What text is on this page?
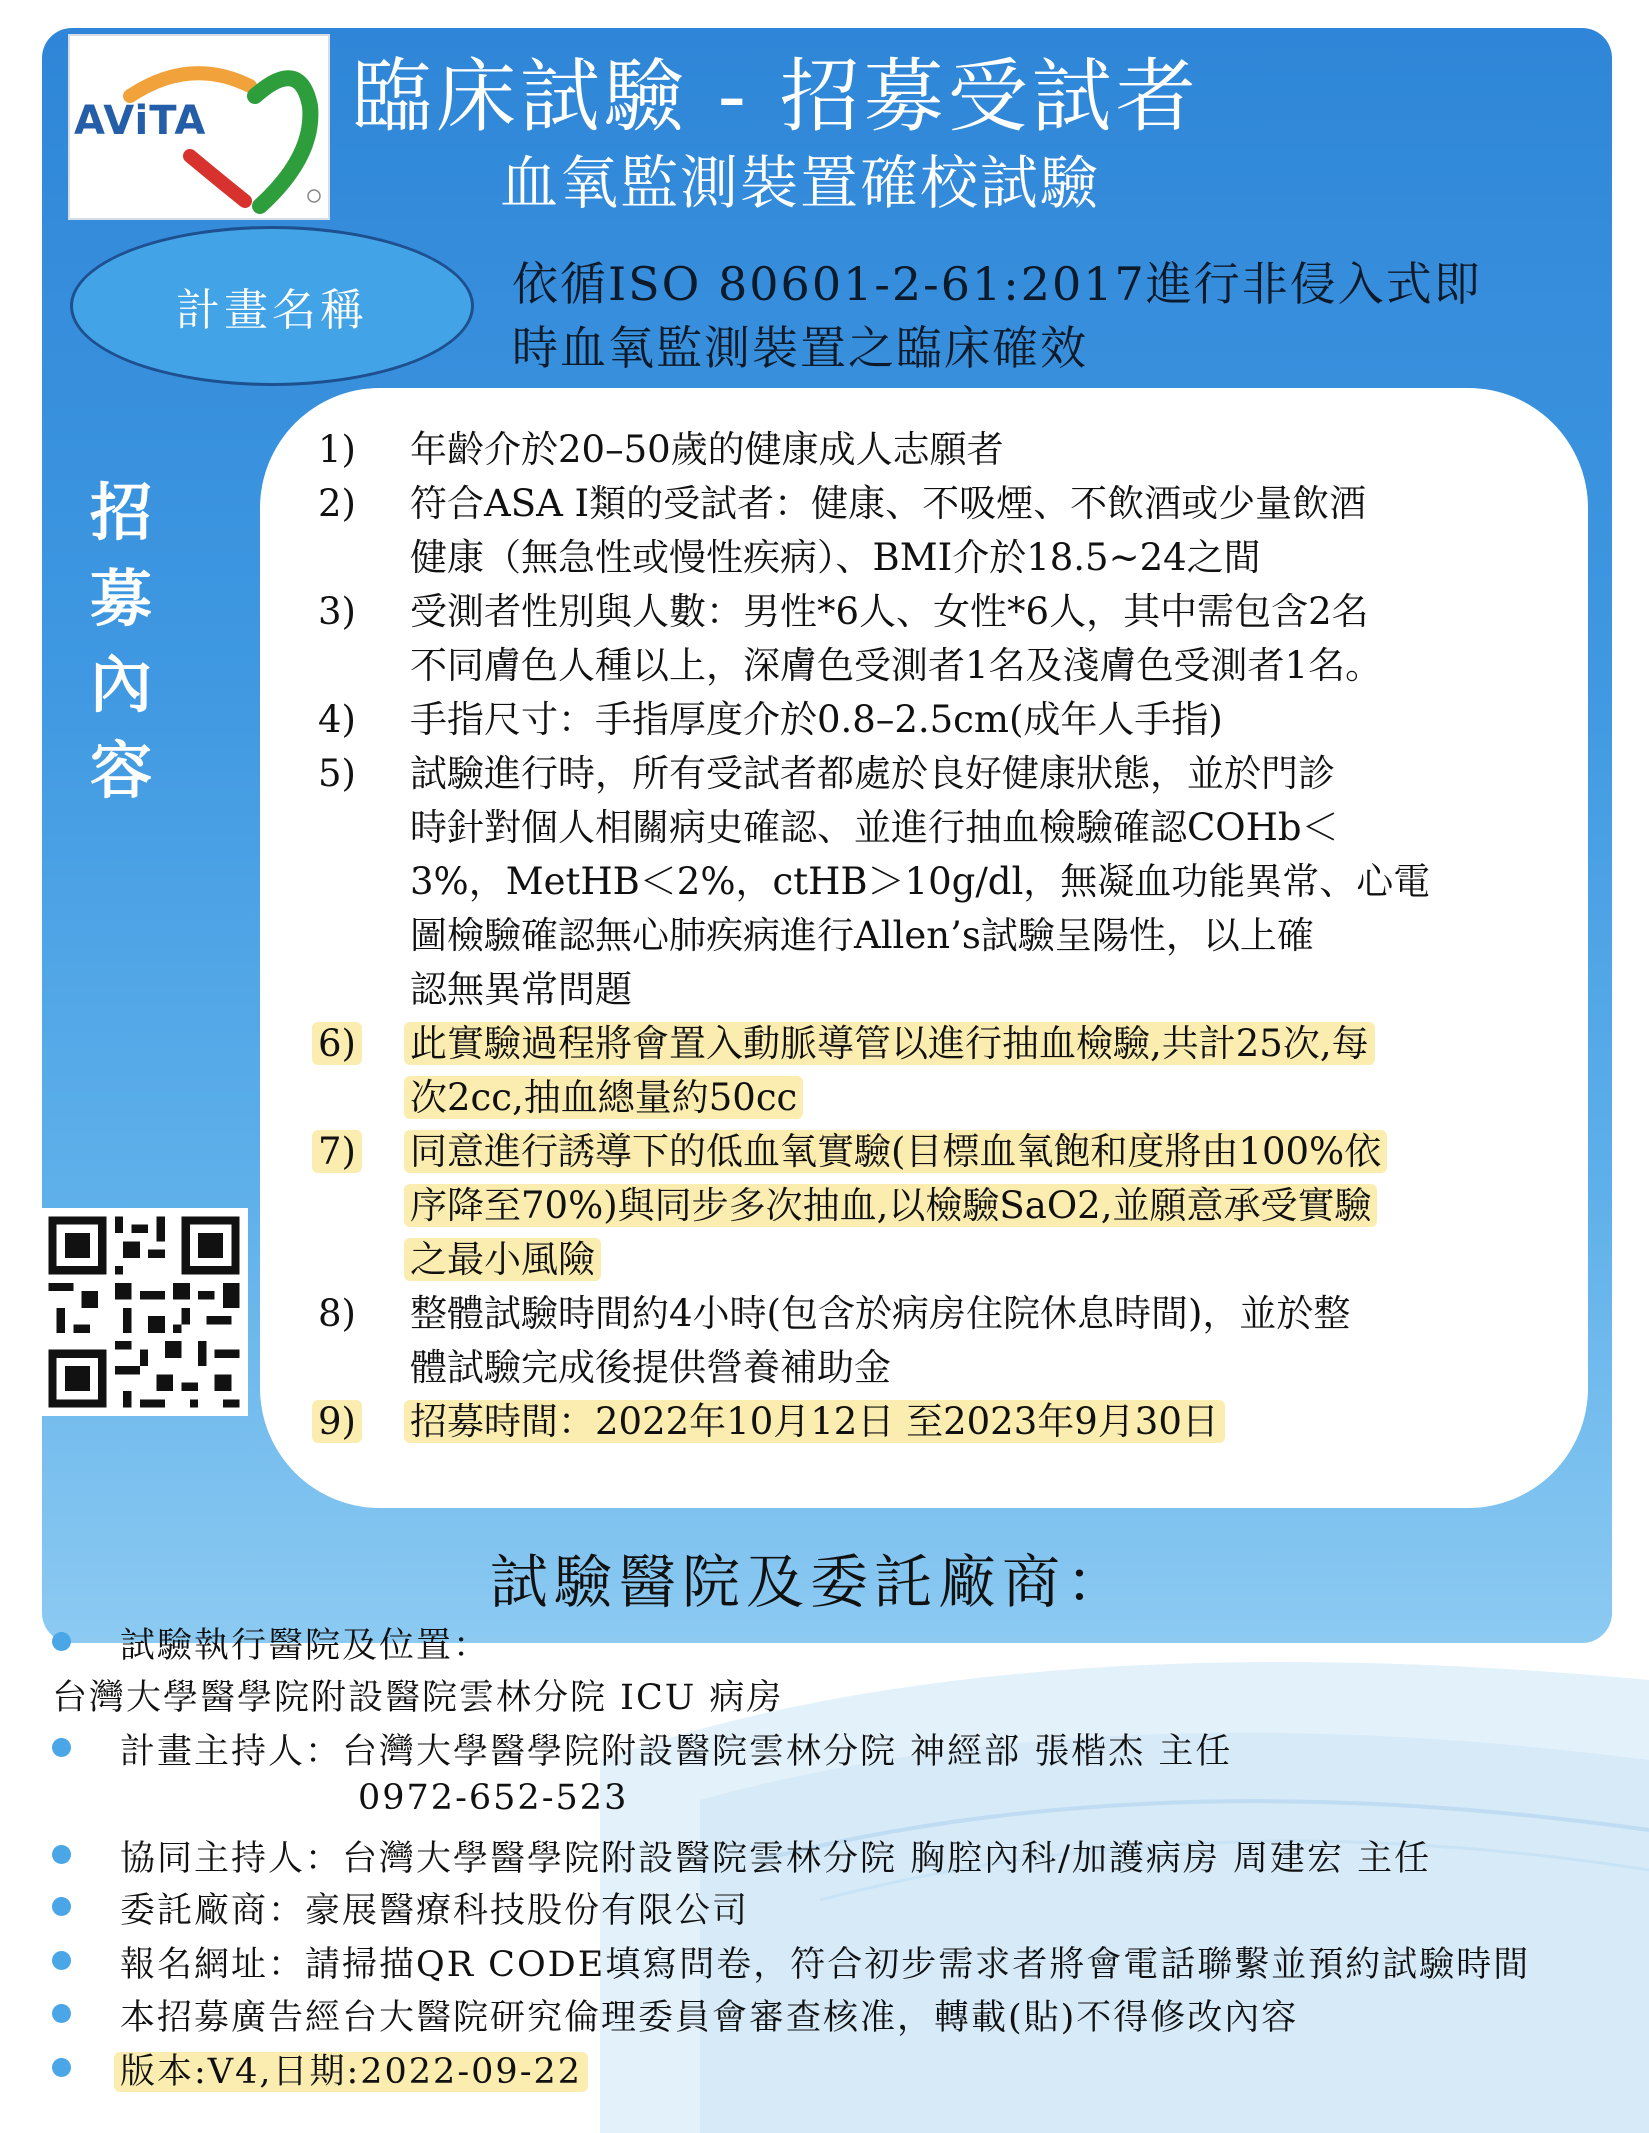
AViTA 臨床試驗 - 招募受試者
血氧監測裝置確校試驗
計畫名稱	依循ISO 80601-2-61:2017進行非侵入式即
時血氧監測裝置之臨床確效
招
募
內
容
1)	年齡介於20–50歲的健康成人志願者
2)	符合ASA I類的受試者：健康、不吸煙、不飲酒或少量飲酒
健康（無急性或慢性疾病）、BMI介於18.5~24之間
3)	受測者性別與人數：男性*6人、女性*6人，其中需包含2名
不同膚色人種以上，深膚色受測者1名及淺膚色受測者1名。
4)	手指尺寸：手指厚度介於0.8–2.5cm(成年人手指)
5)	試驗進行時，所有受試者都處於良好健康狀態，並於門診
時針對個人相關病史確認、並進行抽血檢驗確認COHb＜
3%，MetHB＜2%，ctHB＞10g/dl，無凝血功能異常、心電
圖檢驗確認無心肺疾病進行Allen’s試驗呈陽性，以上確
認無異常問題
6)	此實驗過程將會置入動脈導管以進行抽血檢驗,共計25次,每
次2cc,抽血總量約50cc
7)	同意進行誘導下的低血氧實驗(目標血氧飽和度將由100%依
序降至70%)與同步多次抽血,以檢驗SaO2,並願意承受實驗
之最小風險
8)	整體試驗時間約4小時(包含於病房住院休息時間)，並於整
體試驗完成後提供營養補助金
9)	招募時間：2022年10月12日 至2023年9月30日
試驗醫院及委託廠商：
試驗執行醫院及位置：
台灣大學醫學院附設醫院雲林分院 ICU 病房
計畫主持人：台灣大學醫學院附設醫院雲林分院 神經部 張楷杰 主任
0972-652-523
協同主持人：台灣大學醫學院附設醫院雲林分院 胸腔內科/加護病房 周建宏 主任
委託廠商：豪展醫療科技股份有限公司
報名網址：請掃描QR CODE填寫問卷，符合初步需求者將會電話聯繫並預約試驗時間
本招募廣告經台大醫院研究倫理委員會審查核准，轉載(貼)不得修改內容
版本:V4,日期:2022-09-22
